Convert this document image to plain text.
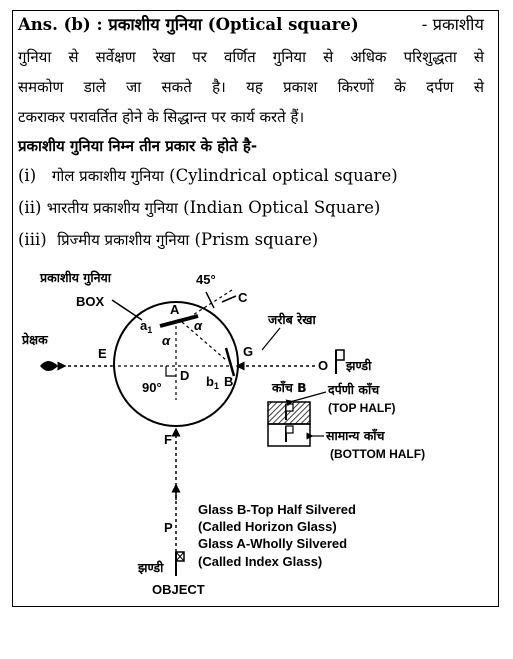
Ans. (b) : प्रकाशीय गुनिया (Optical square)	- प्रकाशीय
गुनिया से सर्वेक्षण रेखा पर वर्णित गुनिया से अधिक परिशुद्धता से
समकोण डाले जा सकते है। यह प्रकाश किरणों के दर्पण से
टकराकर परावर्तित होने के सिद्धान्त पर कार्य करते हैं।
प्रकाशीय गुनिया निम्न तीन प्रकार के होते है-
(i) गोल प्रकाशीय गुनिया (Cylindrical optical square)
(ii) भारतीय प्रकाशीय गुनिया (Indian Optical Square)
(iii) प्रिज्मीय प्रकाशीय गुनिया (Prism square)
प्रकाशीय गुनिया
BOX
प्रेक्षक
E	G
O झण्डी
जरीब रेखा
45°
C
A
$a_1$	α
α
$b_1$ B
D
90°
F
P
झण्डी
OBJECT
काँच B दर्पणी काँच
(TOP HALF)
सामान्य काँच
(BOTTOM HALF)
Glass B-Top Half Silvered
(Called Horizon Glass)
Glass A-Wholly Silvered
(Called Index Glass)
